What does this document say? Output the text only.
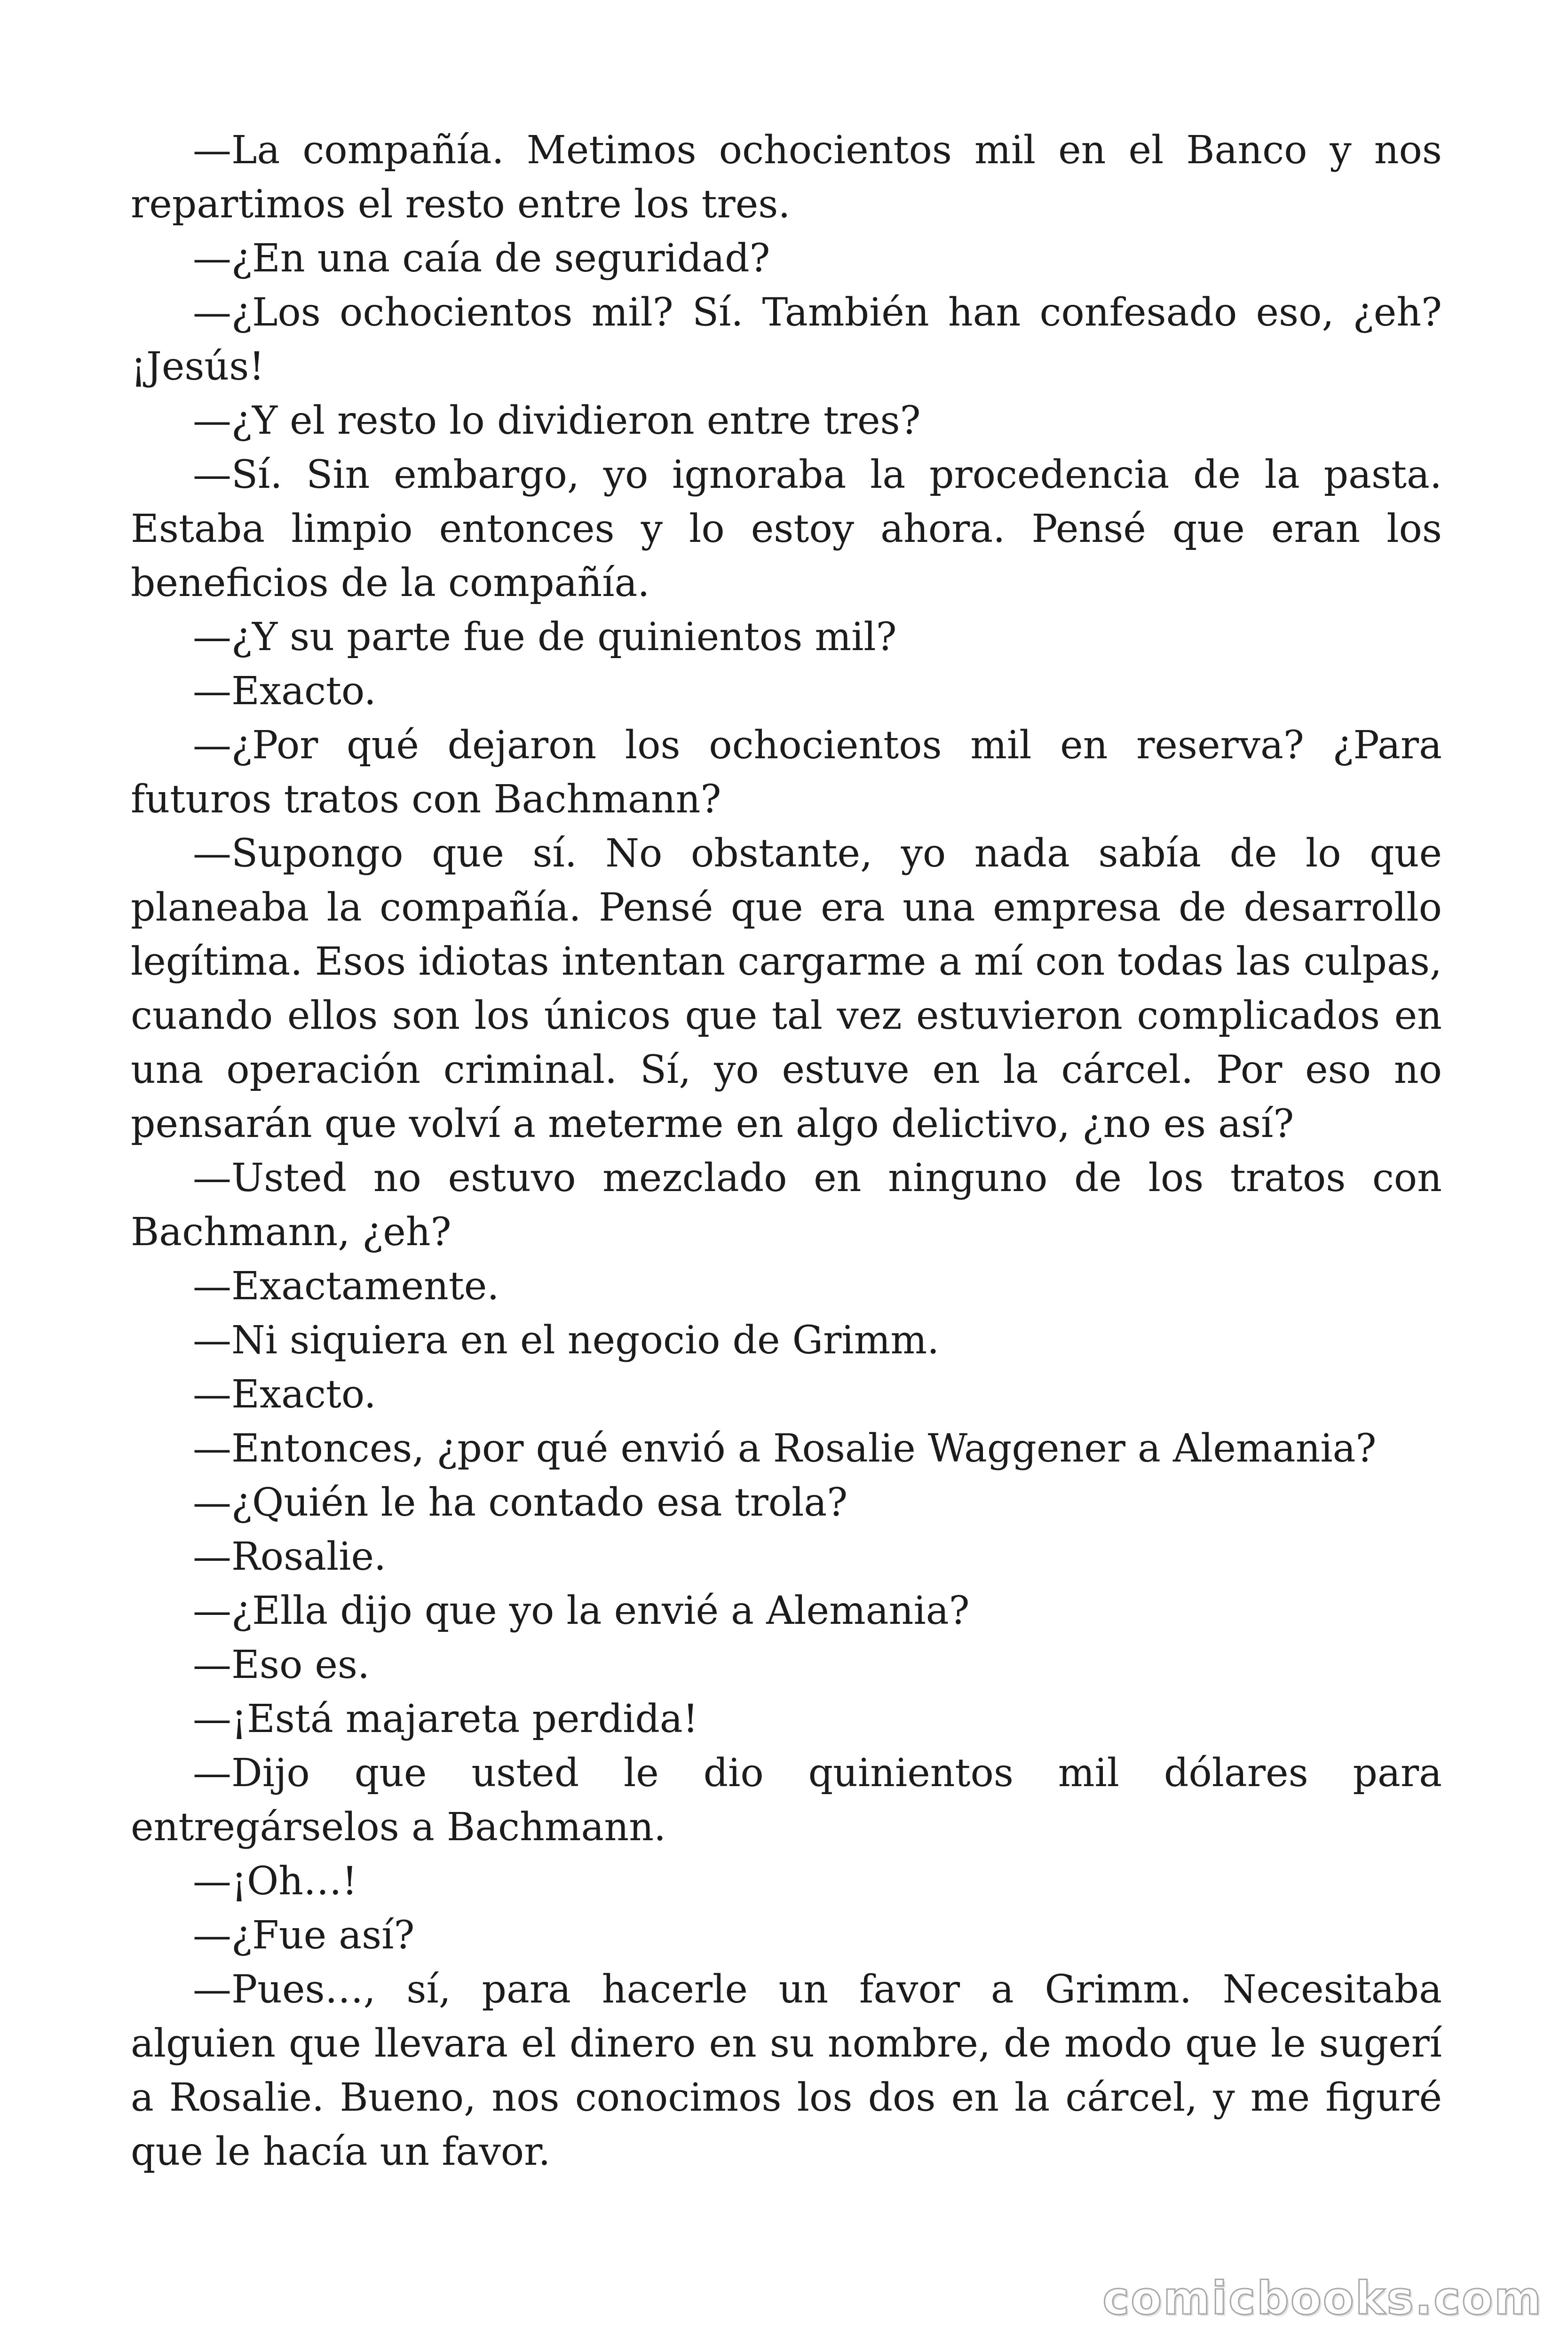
—La compañía. Metimos ochocientos mil en el Banco y nos repartimos el resto entre los tres.

—¿En una caía de seguridad?

—¿Los ochocientos mil? Sí. También han confesado eso, ¿eh? ¡Jesús!

—¿Y el resto lo dividieron entre tres?

—Sí. Sin embargo, yo ignoraba la procedencia de la pasta. Estaba limpio entonces y lo estoy ahora. Pensé que eran los beneficios de la compañía.

—¿Y su parte fue de quinientos mil?

—Exacto.

—¿Por qué dejaron los ochocientos mil en reserva? ¿Para futuros tratos con Bachmann?

—Supongo que sí. No obstante, yo nada sabía de lo que planeaba la compañía. Pensé que era una empresa de desarrollo legítima. Esos idiotas intentan cargarme a mí con todas las culpas, cuando ellos son los únicos que tal vez estuvieron complicados en una operación criminal. Sí, yo estuve en la cárcel. Por eso no pensarán que volví a meterme en algo delictivo, ¿no es así?

—Usted no estuvo mezclado en ninguno de los tratos con Bachmann, ¿eh?

—Exactamente.

—Ni siquiera en el negocio de Grimm.

—Exacto.

—Entonces, ¿por qué envió a Rosalie Waggener a Alemania?

—¿Quién le ha contado esa trola?

—Rosalie.

—¿Ella dijo que yo la envié a Alemania?

—Eso es.

—¡Está majareta perdida!

—Dijo que usted le dio quinientos mil dólares para entregárselos a Bachmann.

—¡Oh…!

—¿Fue así?

—Pues…, sí, para hacerle un favor a Grimm. Necesitaba alguien que llevara el dinero en su nombre, de modo que le sugerí a Rosalie. Bueno, nos conocimos los dos en la cárcel, y me figuré que le hacía un favor.

comicbooks.com
